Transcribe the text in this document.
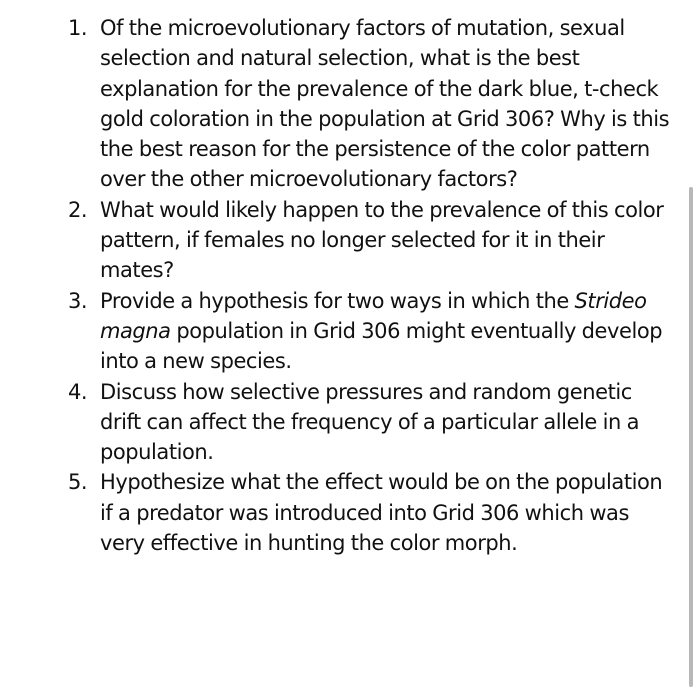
1. Of the microevolutionary factors of mutation, sexual selection and natural selection, what is the best explanation for the prevalence of the dark blue, t-check gold coloration in the population at Grid 306? Why is this the best reason for the persistence of the color pattern over the other microevolutionary factors?
2. What would likely happen to the prevalence of this color pattern, if females no longer selected for it in their mates?
3. Provide a hypothesis for two ways in which the Strideo magna population in Grid 306 might eventually develop into a new species.
4. Discuss how selective pressures and random genetic drift can affect the frequency of a particular allele in a population.
5. Hypothesize what the effect would be on the population if a predator was introduced into Grid 306 which was very effective in hunting the color morph.
